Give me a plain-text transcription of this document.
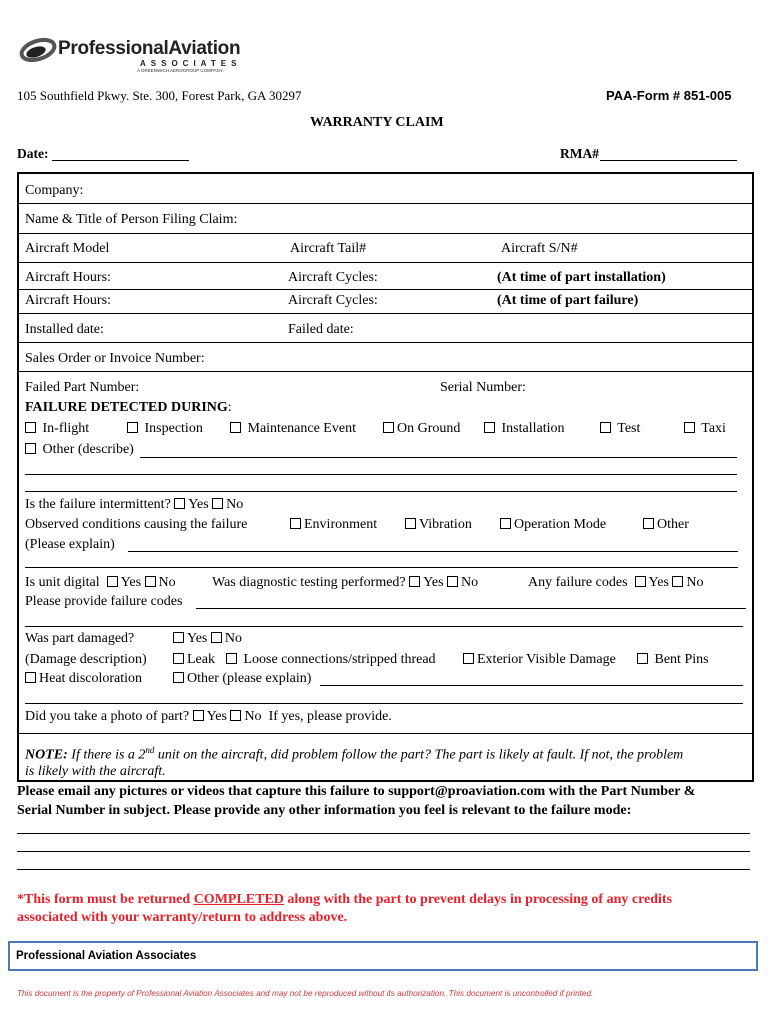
ProfessionalAviation
ASSOCIATES
A GREENWICH AEROGROUP COMPANY
105 Southfield Pkwy. Ste. 300, Forest Park, GA 30297	PAA-Form # 851-005
WARRANTY CLAIM
Date:	RMA#
Company:
Name & Title of Person Filing Claim:
Aircraft Model	Aircraft Tail#	Aircraft S/N#
Aircraft Hours:	Aircraft Cycles:	(At time of part installation)
Aircraft Hours:	Aircraft Cycles:	(At time of part failure)
Installed date:	Failed date:
Sales Order or Invoice Number:
Failed Part Number:	Serial Number:
FAILURE DETECTED DURING:
In-flight	Inspection	Maintenance Event	On Ground	Installation	Test	Taxi
Other (describe)
Is the failure intermittent? Yes No
Observed conditions causing the failure	Environment	Vibration	Operation Mode	Other
(Please explain)
Is unit digital Yes No	Was diagnostic testing performed? Yes No	Any failure codes Yes No
Please provide failure codes
Was part damaged?	Yes No
(Damage description)	Leak	Loose connections/stripped thread	Exterior Visible Damage	Bent Pins
Heat discoloration	Other (please explain)
Did you take a photo of part? Yes No If yes, please provide.
NOTE: If there is a 2nd unit on the aircraft, did problem follow the part? The part is likely at fault. If not, the problem
is likely with the aircraft.
Please email any pictures or videos that capture this failure to support@proaviation.com with the Part Number &
Serial Number in subject. Please provide any other information you feel is relevant to the failure mode:
*This form must be returned COMPLETED along with the part to prevent delays in processing of any credits
associated with your warranty/return to address above.
Professional Aviation Associates
This document is the property of Professional Aviation Associates and may not be reproduced without its authorization. This document is uncontrolled if printed.
